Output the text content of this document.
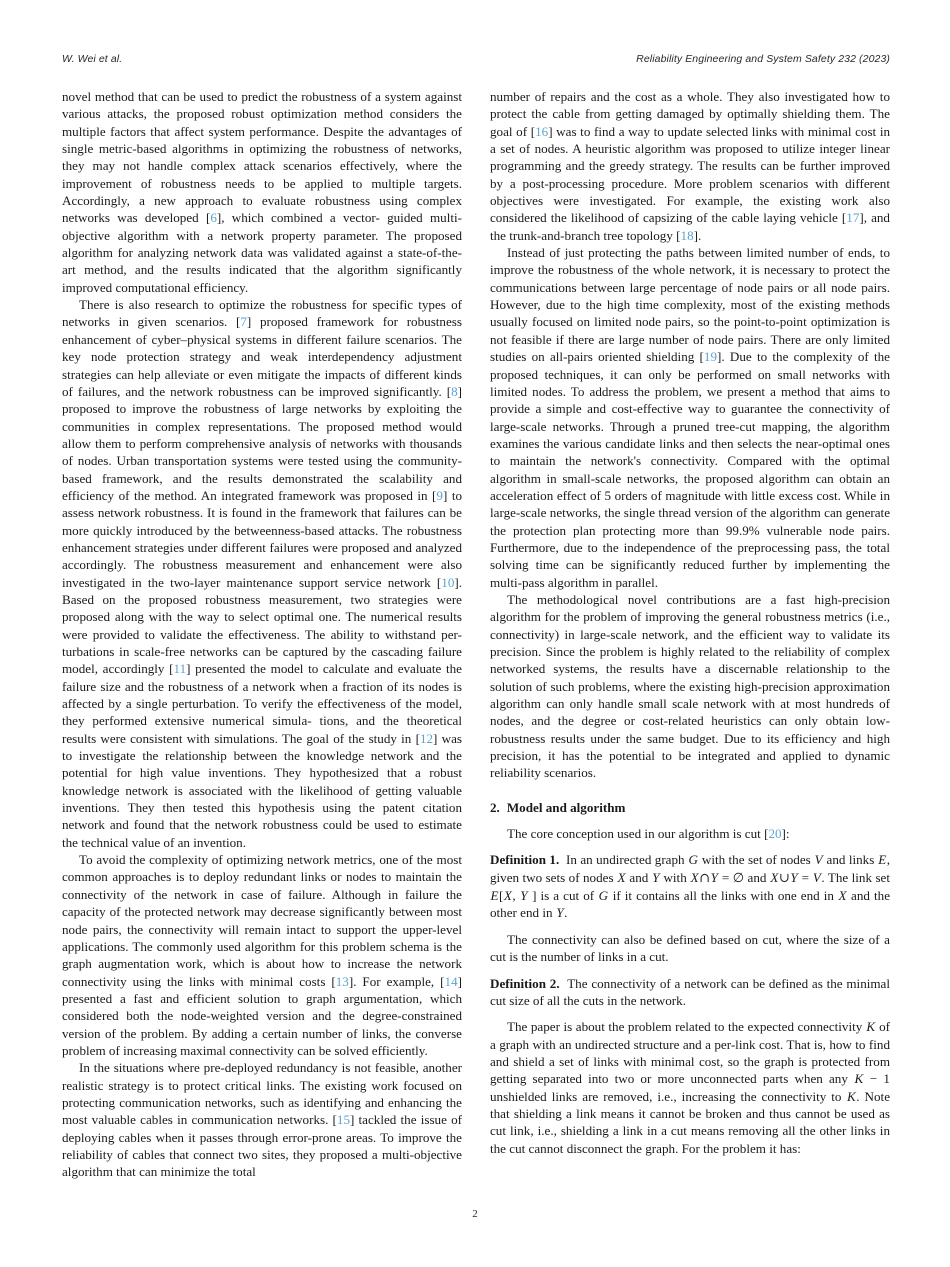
W. Wei et al.	Reliability Engineering and System Safety 232 (2023)

novel method that can be used to predict the robustness of a system against various attacks, the proposed robust optimization method considers the multiple factors that affect system performance. Despite the advantages of single metric-based algorithms in optimizing the robustness of networks, they may not handle complex attack scenarios effectively, where the improvement of robustness needs to be applied to multiple targets. Accordingly, a new approach to evaluate robustness using complex networks was developed [6], which combined a vector- guided multi-objective algorithm with a network property parameter. The proposed algorithm for analyzing network data was validated against a state-of-the-art method, and the results indicated that the algorithm significantly improved computational efficiency.

There is also research to optimize the robustness for specific types of networks in given scenarios. [7] proposed framework for robustness enhancement of cyber–physical systems in different failure scenarios. The key node protection strategy and weak interdependency adjustment strategies can help alleviate or even mitigate the impacts of different kinds of failures, and the network robustness can be improved significantly. [8] proposed to improve the robustness of large networks by exploiting the communities in complex representations. The proposed method would allow them to perform comprehensive analysis of networks with thousands of nodes. Urban transportation systems were tested using the community-based framework, and the results demonstrated the scalability and efficiency of the method. An integrated framework was proposed in [9] to assess network robustness. It is found in the framework that failures can be more quickly introduced by the betweenness-based attacks. The robustness enhancement strategies under different failures were proposed and analyzed accordingly. The robustness measurement and enhancement were also investigated in the two-layer maintenance support service network [10]. Based on the proposed robustness measurement, two strategies were proposed along with the way to select optimal one. The numerical results were provided to validate the effectiveness. The ability to withstand per- turbations in scale-free networks can be captured by the cascading failure model, accordingly [11] presented the model to calculate and evaluate the failure size and the robustness of a network when a fraction of its nodes is affected by a single perturbation. To verify the effectiveness of the model, they performed extensive numerical simula- tions, and the theoretical results were consistent with simulations. The goal of the study in [12] was to investigate the relationship between the knowledge network and the potential for high value inventions. They hypothesized that a robust knowledge network is associated with the likelihood of getting valuable inventions. They then tested this hypothesis using the patent citation network and found that the network robustness could be used to estimate the technical value of an invention.

To avoid the complexity of optimizing network metrics, one of the most common approaches is to deploy redundant links or nodes to maintain the connectivity of the network in case of failure. Although in failure the capacity of the protected network may decrease significantly between most node pairs, the connectivity will remain intact to support the upper-level applications. The commonly used algorithm for this problem schema is the graph augmentation work, which is about how to increase the network connectivity using the links with minimal costs [13]. For example, [14] presented a fast and efficient solution to graph argumentation, which considered both the node-weighted version and the degree-constrained version of the problem. By adding a certain number of links, the converse problem of increasing maximal connectivity can be solved efficiently.

In the situations where pre-deployed redundancy is not feasible, another realistic strategy is to protect critical links. The existing work focused on protecting communication networks, such as identifying and enhancing the most valuable cables in communication networks. [15] tackled the issue of deploying cables when it passes through error-prone areas. To improve the reliability of cables that connect two sites, they proposed a multi-objective algorithm that can minimize the total

number of repairs and the cost as a whole. They also investigated how to protect the cable from getting damaged by optimally shielding them. The goal of [16] was to find a way to update selected links with minimal cost in a set of nodes. A heuristic algorithm was proposed to utilize integer linear programming and the greedy strategy. The results can be further improved by a post-processing procedure. More problem scenarios with different objectives were investigated. For example, the existing work also considered the likelihood of capsizing of the cable laying vehicle [17], and the trunk-and-branch tree topology [18].

Instead of just protecting the paths between limited number of ends, to improve the robustness of the whole network, it is necessary to protect the communications between large percentage of node pairs or all node pairs. However, due to the high time complexity, most of the existing methods usually focused on limited node pairs, so the point-to-point optimization is not feasible if there are large number of node pairs. There are only limited studies on all-pairs oriented shielding [19]. Due to the complexity of the proposed techniques, it can only be performed on small networks with limited nodes. To address the problem, we present a method that aims to provide a simple and cost-effective way to guarantee the connectivity of large-scale networks. Through a pruned tree-cut mapping, the algorithm examines the various candidate links and then selects the near-optimal ones to maintain the network's connectivity. Compared with the optimal algorithm in small-scale networks, the proposed algorithm can obtain an acceleration effect of 5 orders of magnitude with little excess cost. While in large-scale networks, the single thread version of the algorithm can generate the protection plan protecting more than 99.9% vulnerable node pairs. Furthermore, due to the independence of the preprocessing pass, the total solving time can be significantly reduced further by implementing the multi-pass algorithm in parallel.

The methodological novel contributions are a fast high-precision algorithm for the problem of improving the general robustness metrics (i.e., connectivity) in large-scale network, and the efficient way to validate its precision. Since the problem is highly related to the reliability of complex networked systems, the results have a discernable relationship to the solution of such problems, where the existing high-precision approximation algorithm can only handle small scale network with at most hundreds of nodes, and the degree or cost-related heuristics can only obtain low-robustness results under the same budget. Due to its efficiency and high precision, it has the potential to be integrated and applied to dynamic reliability scenarios.

2. Model and algorithm

The core conception used in our algorithm is cut [20]:

Definition 1. In an undirected graph G with the set of nodes V and links E, given two sets of nodes X and Y with X∩Y = ∅ and X∪Y = V. The link set E[X, Y ] is a cut of G if it contains all the links with one end in X and the other end in Y.

The connectivity can also be defined based on cut, where the size of a cut is the number of links in a cut.

Definition 2. The connectivity of a network can be defined as the minimal cut size of all the cuts in the network.

The paper is about the problem related to the expected connectivity K of a graph with an undirected structure and a per-link cost. That is, how to find and shield a set of links with minimal cost, so the graph is protected from getting separated into two or more unconnected parts when any K − 1 unshielded links are removed, i.e., increasing the connectivity to K. Note that shielding a link means it cannot be broken and thus cannot be used as cut link, i.e., shielding a link in a cut means removing all the other links in the cut cannot disconnect the graph. For the problem it has:

2
